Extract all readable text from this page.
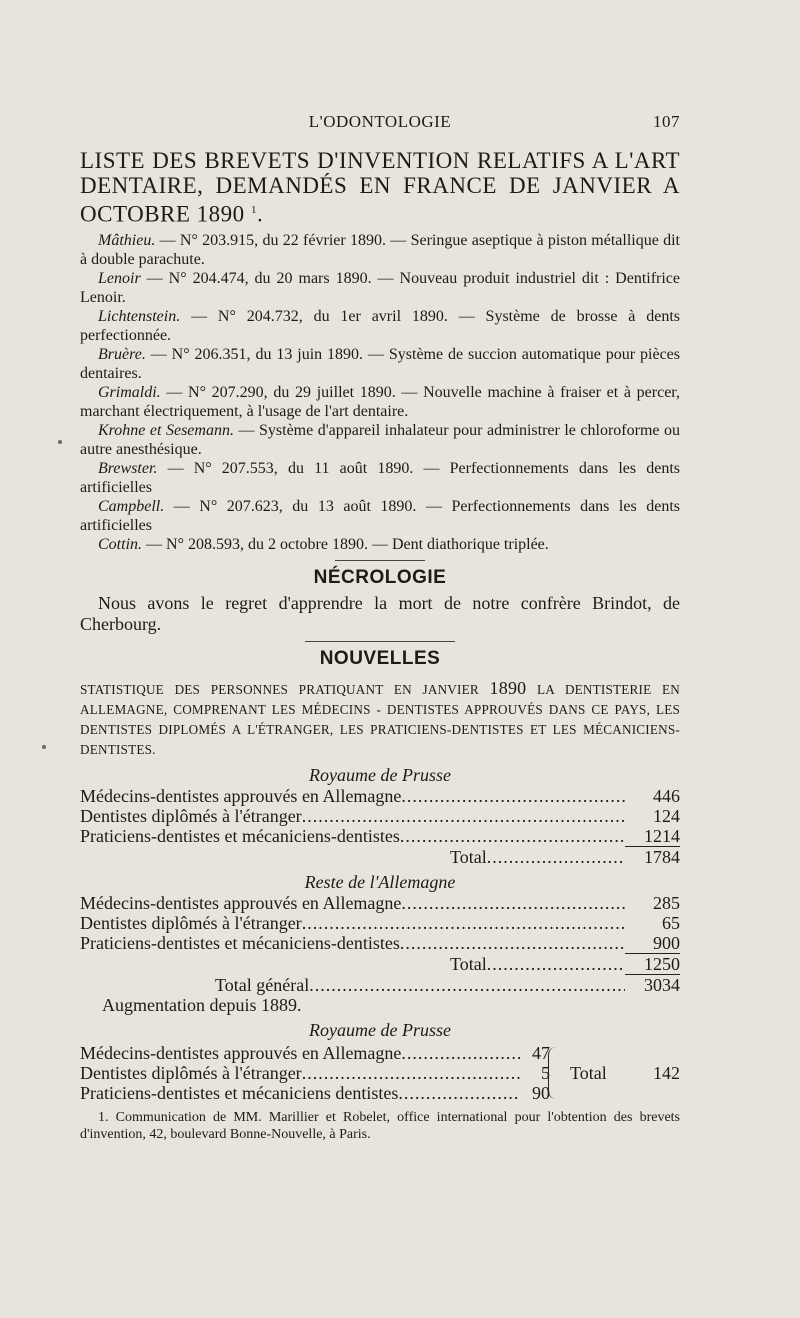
L'ODONTOLOGIE	107
LISTE DES BREVETS D'INVENTION RELATIFS A L'ART DENTAIRE, DEMANDÉS EN FRANCE DE JANVIER A OCTOBRE 1890 $^1$.
Mâthieu. — N° 203.915, du 22 février 1890. — Seringue aseptique à piston métallique dit à double parachute.
Lenoir — N° 204.474, du 20 mars 1890. — Nouveau produit industriel dit : Dentifrice Lenoir.
Lichtenstein. — N° 204.732, du 1er avril 1890. — Système de brosse à dents perfectionnée.
Bruère. — N° 206.351, du 13 juin 1890. — Système de succion automatique pour pièces dentaires.
Grimaldi. — N° 207.290, du 29 juillet 1890. — Nouvelle machine à fraiser et à percer, marchant électriquement, à l'usage de l'art dentaire.
Krohne et Sesemann. — Système d'appareil inhalateur pour administrer le chloroforme ou autre anesthésique.
Brewster. — N° 207.553, du 11 août 1890. — Perfectionnements dans les dents artificielles
Campbell. — N° 207.623, du 13 août 1890. — Perfectionnements dans les dents artificielles
Cottin. — N° 208.593, du 2 octobre 1890. — Dent diathorique triplée.
NÉCROLOGIE
Nous avons le regret d'apprendre la mort de notre confrère Brindot, de Cherbourg.
NOUVELLES
STATISTIQUE DES PERSONNES PRATIQUANT EN JANVIER 1890 LA DENTISTERIE EN ALLEMAGNE, COMPRENANT LES MÉDECINS - DENTISTES APPROUVÉS DANS CE PAYS, LES DENTISTES DIPLOMÉS A L'ÉTRANGER, LES PRATICIENS-DENTISTES ET LES MÉCANICIENS-DENTISTES.
Royaume de Prusse
Médecins-dentistes approuvés en Allemagne .....	446
Dentistes diplômés à l'étranger .....	124
Praticiens-dentistes et mécaniciens-dentistes .....	1214
Total .....	1784
Reste de l'Allemagne
Médecins-dentistes approuvés en Allemagne .....	285
Dentistes diplômés à l'étranger .....	65
Praticiens-dentistes et mécaniciens-dentistes .....	900
Total .....	1250
Total général .....	3034
Augmentation depuis 1889.
Royaume de Prusse
Médecins-dentistes approuvés en Allemagne .....	47
Dentistes diplômés à l'étranger .....	5
Praticiens-dentistes et mécaniciens dentistes .....	90
Total	142
1. Communication de MM. Marillier et Robelet, office international pour l'obtention des brevets d'invention, 42, boulevard Bonne-Nouvelle, à Paris.
